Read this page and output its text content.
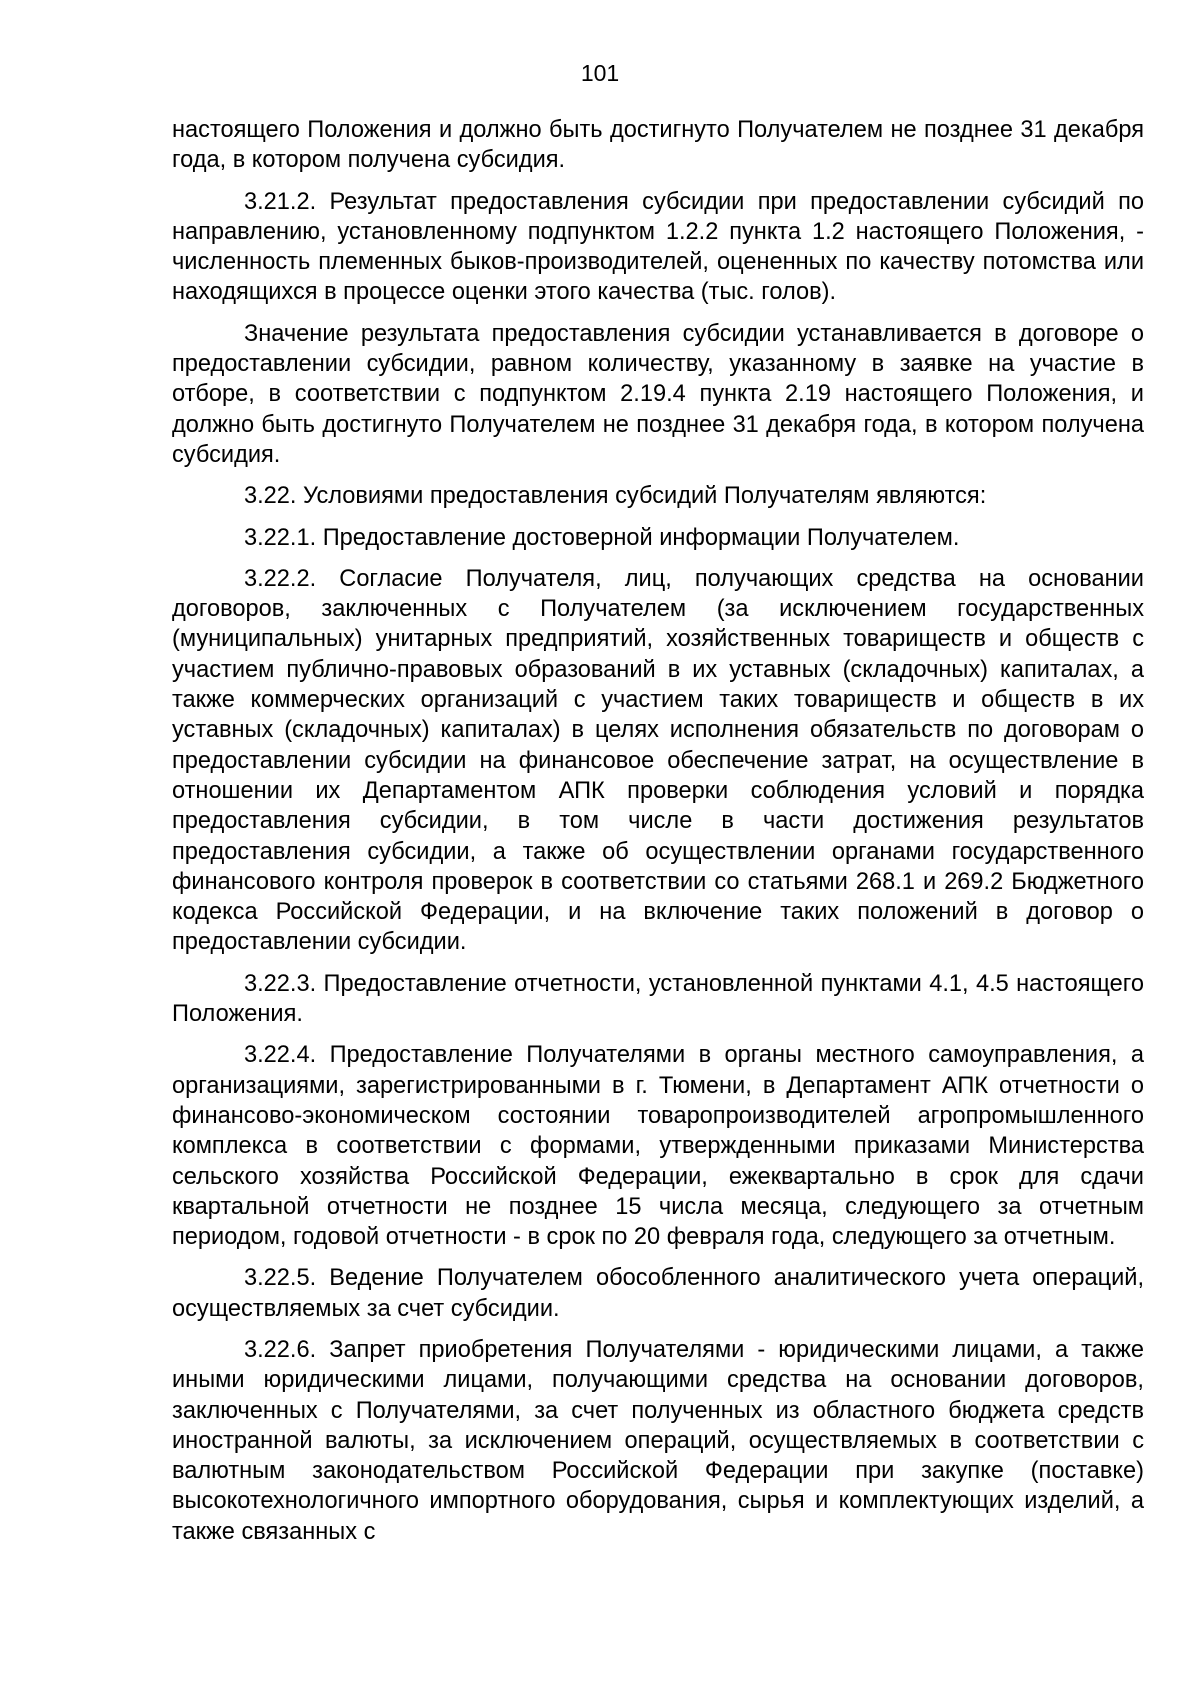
101

настоящего Положения и должно быть достигнуто Получателем не позднее 31 декабря года, в котором получена субсидия.

3.21.2. Результат предоставления субсидии при предоставлении субсидий по направлению, установленному подпунктом 1.2.2 пункта 1.2 настоящего Положения, - численность племенных быков-производителей, оцененных по качеству потомства или находящихся в процессе оценки этого качества (тыс. голов).

Значение результата предоставления субсидии устанавливается в договоре о предоставлении субсидии, равном количеству, указанному в заявке на участие в отборе, в соответствии с подпунктом 2.19.4 пункта 2.19 настоящего Положения, и должно быть достигнуто Получателем не позднее 31 декабря года, в котором получена субсидия.

3.22. Условиями предоставления субсидий Получателям являются:

3.22.1. Предоставление достоверной информации Получателем.

3.22.2. Согласие Получателя, лиц, получающих средства на основании договоров, заключенных с Получателем (за исключением государственных (муниципальных) унитарных предприятий, хозяйственных товариществ и обществ с участием публично-правовых образований в их уставных (складочных) капиталах, а также коммерческих организаций с участием таких товариществ и обществ в их уставных (складочных) капиталах) в целях исполнения обязательств по договорам о предоставлении субсидии на финансовое обеспечение затрат, на осуществление в отношении их Департаментом АПК проверки соблюдения условий и порядка предоставления субсидии, в том числе в части достижения результатов предоставления субсидии, а также об осуществлении органами государственного финансового контроля проверок в соответствии со статьями 268.1 и 269.2 Бюджетного кодекса Российской Федерации, и на включение таких положений в договор о предоставлении субсидии.

3.22.3. Предоставление отчетности, установленной пунктами 4.1, 4.5 настоящего Положения.

3.22.4. Предоставление Получателями в органы местного самоуправления, а организациями, зарегистрированными в г. Тюмени, в Департамент АПК отчетности о финансово-экономическом состоянии товаропроизводителей агропромышленного комплекса в соответствии с формами, утвержденными приказами Министерства сельского хозяйства Российской Федерации, ежеквартально в срок для сдачи квартальной отчетности не позднее 15 числа месяца, следующего за отчетным периодом, годовой отчетности - в срок по 20 февраля года, следующего за отчетным.

3.22.5. Ведение Получателем обособленного аналитического учета операций, осуществляемых за счет субсидии.

3.22.6. Запрет приобретения Получателями - юридическими лицами, а также иными юридическими лицами, получающими средства на основании договоров, заключенных с Получателями, за счет полученных из областного бюджета средств иностранной валюты, за исключением операций, осуществляемых в соответствии с валютным законодательством Российской Федерации при закупке (поставке) высокотехнологичного импортного оборудования, сырья и комплектующих изделий, а также связанных с
